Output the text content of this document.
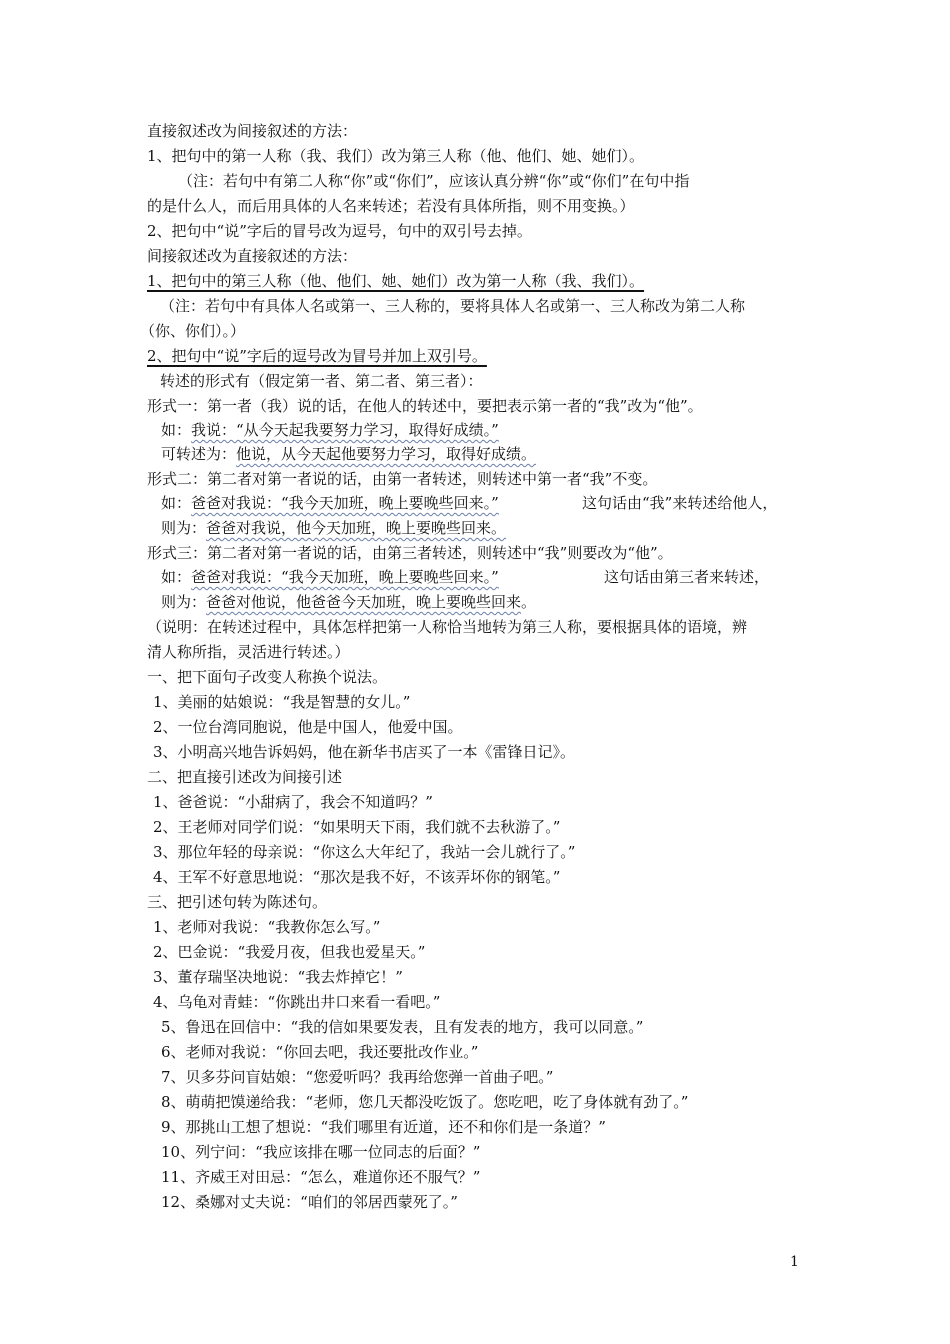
直接叙述改为间接叙述的方法：
1、把句中的第一人称（我、我们）改为第三人称（他、他们、她、她们）。
（注：若句中有第二人称“你”或“你们”，应该认真分辨“你”或“你们”在句中指
的是什么人，而后用具体的人名来转述；若没有具体所指，则不用变换。）
2、把句中“说”字后的冒号改为逗号，句中的双引号去掉。
间接叙述改为直接叙述的方法：
1、把句中的第三人称（他、他们、她、她们）改为第一人称（我、我们）。
（注：若句中有具体人名或第一、三人称的，要将具体人名或第一、三人称改为第二人称
（你、你们）。）
2、把句中“说”字后的逗号改为冒号并加上双引号。
转述的形式有（假定第一者、第二者、第三者）：
形式一：第一者（我）说的话，在他人的转述中，要把表示第一者的“我”改为“他”。
如：我说：“从今天起我要努力学习，取得好成绩。”
可转述为：他说，从今天起他要努力学习，取得好成绩。
形式二：第二者对第一者说的话，由第一者转述，则转述中第一者“我”不变。
如：爸爸对我说：“我今天加班，晚上要晚些回来。”	这句话由“我”来转述给他人，
则为：爸爸对我说，他今天加班，晚上要晚些回来。
形式三：第二者对第一者说的话，由第三者转述，则转述中“我”则要改为“他”。
如：爸爸对我说：“我今天加班，晚上要晚些回来。”	这句话由第三者来转述，
则为：爸爸对他说，他爸爸今天加班，晚上要晚些回来。
（说明：在转述过程中，具体怎样把第一人称恰当地转为第三人称，要根据具体的语境，辨
清人称所指，灵活进行转述。）
一、把下面句子改变人称换个说法。
1、美丽的姑娘说：“我是智慧的女儿。”
2、一位台湾同胞说，他是中国人，他爱中国。
3、小明高兴地告诉妈妈，他在新华书店买了一本《雷锋日记》。
二、把直接引述改为间接引述
1、爸爸说：“小甜病了，我会不知道吗？”
2、王老师对同学们说：“如果明天下雨，我们就不去秋游了。”
3、那位年轻的母亲说：“你这么大年纪了，我站一会儿就行了。”
4、王军不好意思地说：“那次是我不好，不该弄坏你的钢笔。”
三、把引述句转为陈述句。
1、老师对我说：“我教你怎么写。”
2、巴金说：“我爱月夜，但我也爱星天。”
3、董存瑞坚决地说：“我去炸掉它！”
4、乌龟对青蛙：“你跳出井口来看一看吧。”
5、鲁迅在回信中：“我的信如果要发表，且有发表的地方，我可以同意。”
6、老师对我说：“你回去吧，我还要批改作业。”
7、贝多芬问盲姑娘：“您爱听吗？我再给您弹一首曲子吧。”
8、萌萌把馍递给我：“老师，您几天都没吃饭了。您吃吧，吃了身体就有劲了。”
9、那挑山工想了想说：“我们哪里有近道，还不和你们是一条道？”
10、列宁问：“我应该排在哪一位同志的后面？”
11、齐威王对田忌：“怎么，难道你还不服气？”
12、桑娜对丈夫说：“咱们的邻居西蒙死了。”
1
